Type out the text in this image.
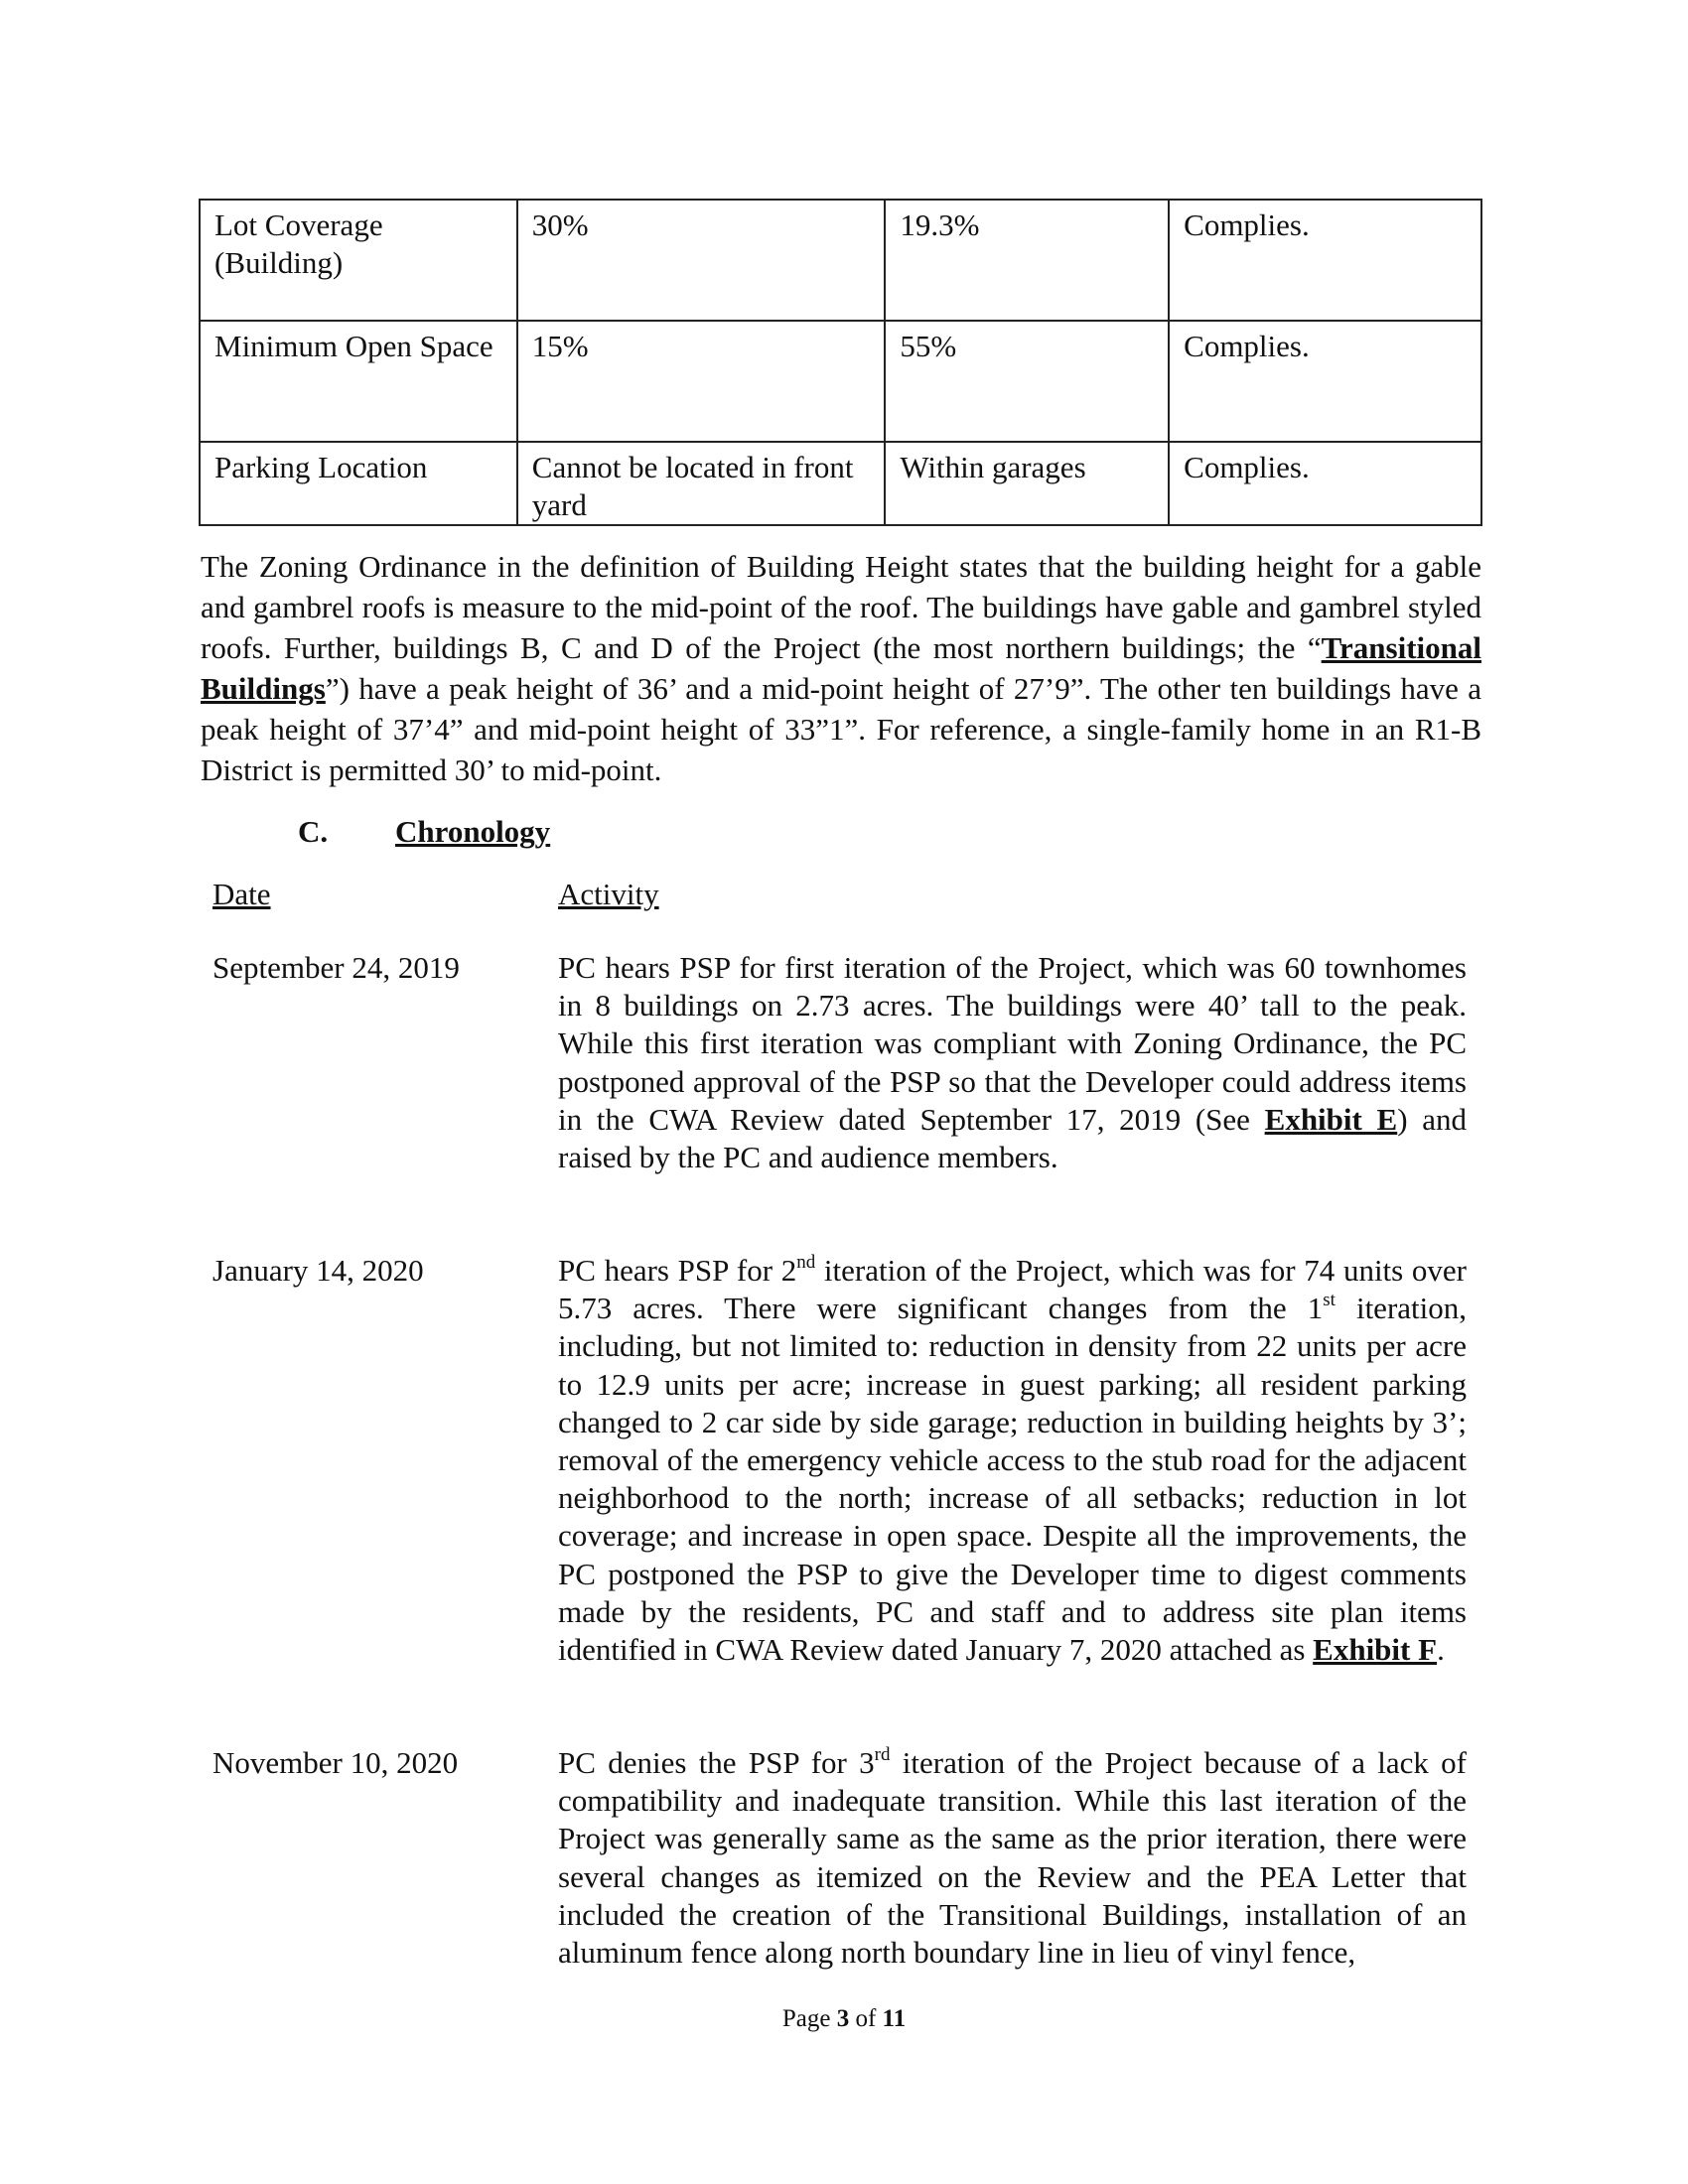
Lot Coverage (Building)	30%	19.3%	Complies.
Minimum Open Space	15%	55%	Complies.
Parking Location	Cannot be located in front yard	Within garages	Complies.

The Zoning Ordinance in the definition of Building Height states that the building height for a gable and gambrel roofs is measure to the mid-point of the roof. The buildings have gable and gambrel styled roofs. Further, buildings B, C and D of the Project (the most northern buildings; the “Transitional Buildings”) have a peak height of 36’ and a mid-point height of 27’9”. The other ten buildings have a peak height of 37’4” and mid-point height of 33”1”. For reference, a single-family home in an R1-B District is permitted 30’ to mid-point.

C. Chronology
Date	Activity
September 24, 2019	PC hears PSP for first iteration of the Project, which was 60 townhomes in 8 buildings on 2.73 acres. The buildings were 40’ tall to the peak. While this first iteration was compliant with Zoning Ordinance, the PC postponed approval of the PSP so that the Developer could address items in the CWA Review dated September 17, 2019 (See Exhibit E) and raised by the PC and audience members.
January 14, 2020	PC hears PSP for 2nd iteration of the Project, which was for 74 units over 5.73 acres. There were significant changes from the 1st iteration, including, but not limited to: reduction in density from 22 units per acre to 12.9 units per acre; increase in guest parking; all resident parking changed to 2 car side by side garage; reduction in building heights by 3’; removal of the emergency vehicle access to the stub road for the adjacent neighborhood to the north; increase of all setbacks; reduction in lot coverage; and increase in open space. Despite all the improvements, the PC postponed the PSP to give the Developer time to digest comments made by the residents, PC and staff and to address site plan items identified in CWA Review dated January 7, 2020 attached as Exhibit F.
November 10, 2020	PC denies the PSP for 3rd iteration of the Project because of a lack of compatibility and inadequate transition. While this last iteration of the Project was generally same as the same as the prior iteration, there were several changes as itemized on the Review and the PEA Letter that included the creation of the Transitional Buildings, installation of an aluminum fence along north boundary line in lieu of vinyl fence,
Page 3 of 11
